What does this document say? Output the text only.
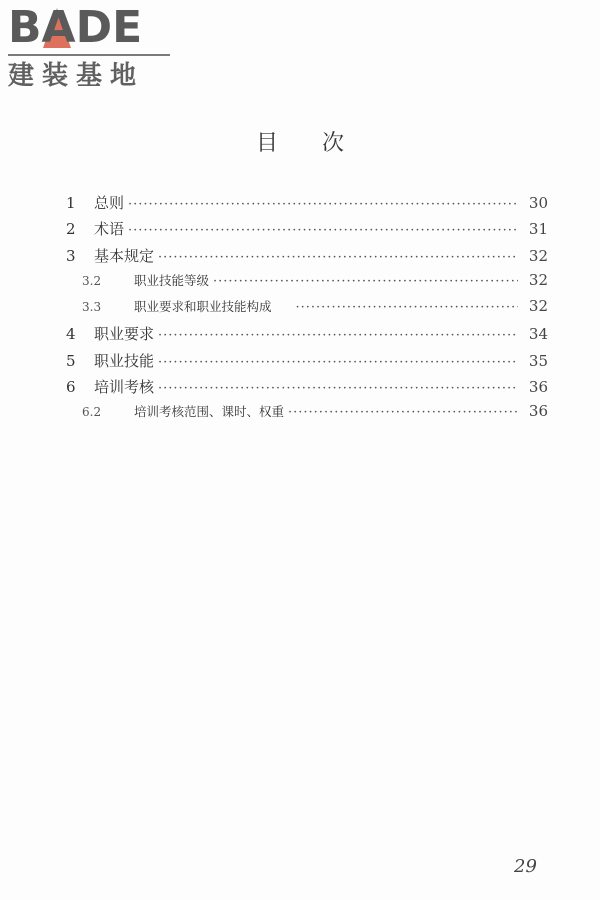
BADE
建装基地
目 次
1	总则 ·····	30
2	术语 ·····	31
3	基本规定 ·····	32
3.2	职业技能等级 ·····	32
3.3	职业要求和职业技能构成 ·····	32
4	职业要求 ·····	34
5	职业技能 ·····	35
6	培训考核 ·····	36
6.2	培训考核范围、课时、权重 ·····	36
29
